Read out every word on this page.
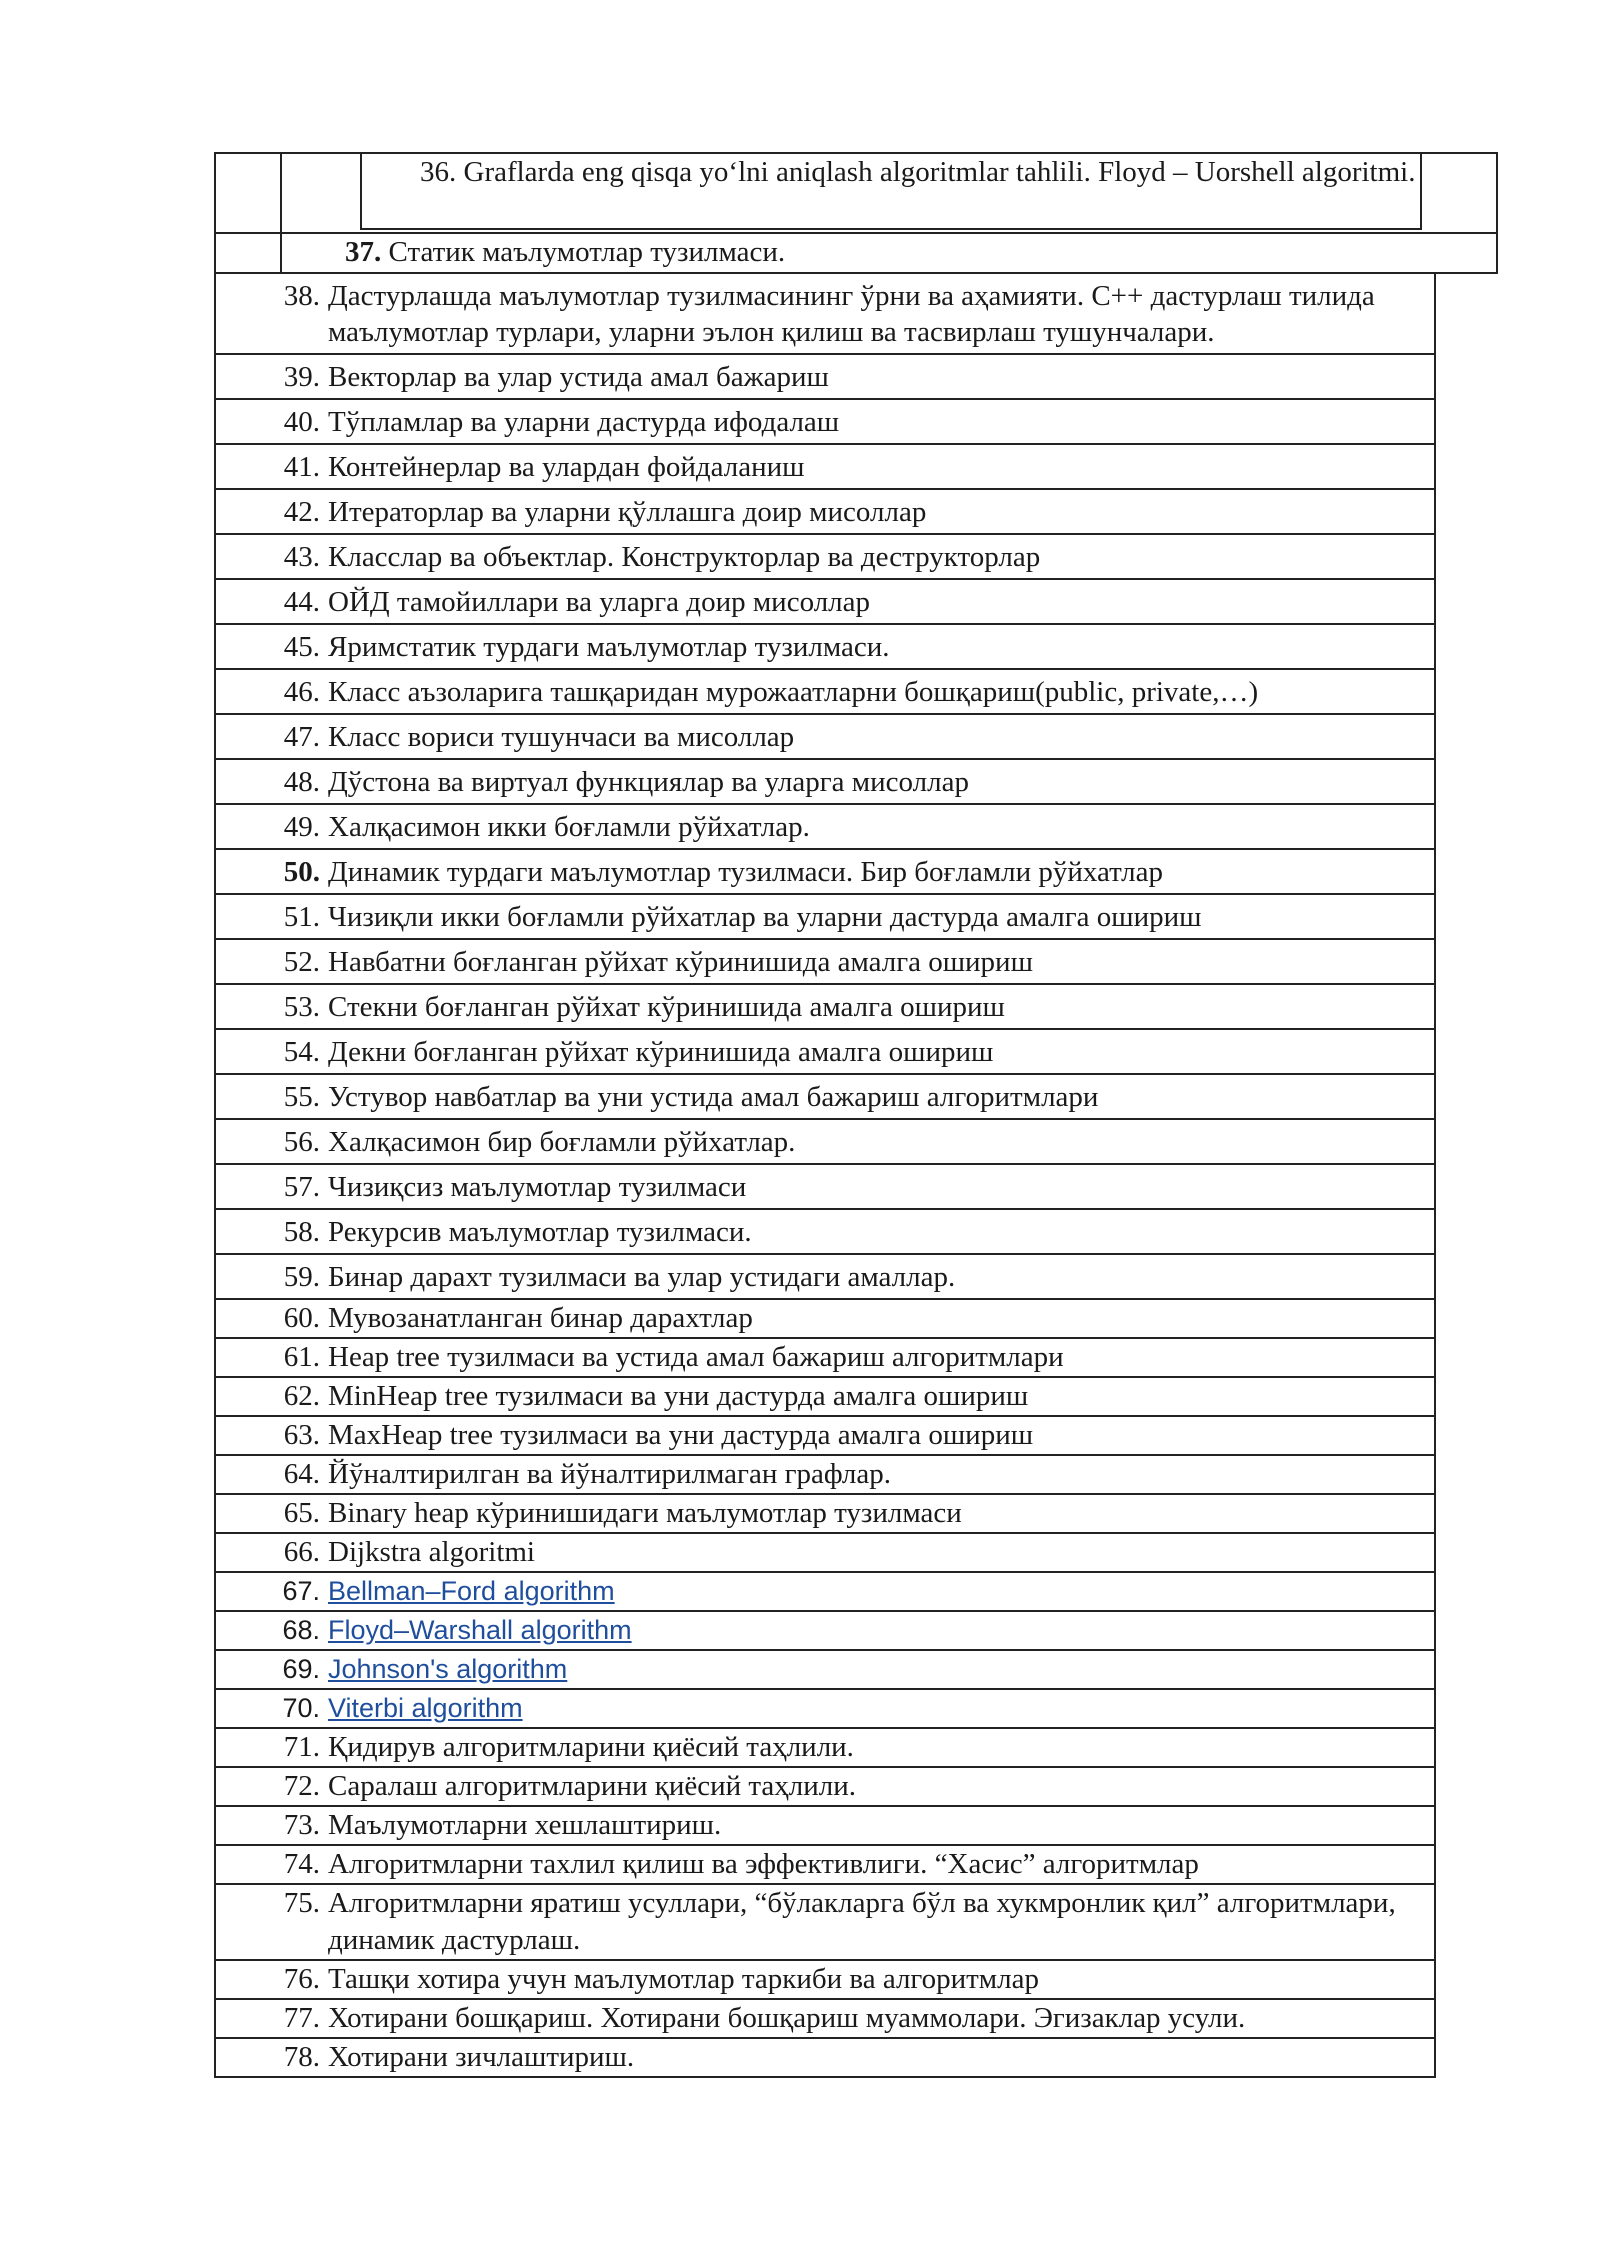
36. Graflarda eng qisqa yo‘lni aniqlash algoritmlar tahlili. Floyd – Uorshell algoritmi.
37. Статик маълумотлар тузилмаси.
38. Дастурлашда маълумотлар тузилмасининг ўрни ва аҳамияти. C++ дастурлаш тилида маълумотлар турлари, уларни эълон қилиш ва тасвирлаш тушунчалари.

39. Векторлар ва улар устида амал бажариш

40. Тўпламлар ва уларни дастурда ифодалаш

41. Контейнерлар ва улардан фойдаланиш

42. Итераторлар ва уларни қўллашга доир мисоллар

43. Класслар ва объектлар. Конструкторлар ва деструкторлар

44. ОЙД тамойиллари ва уларга доир мисоллар

45. Яримстатик турдаги маълумотлар тузилмаси.

46. Класс аъзоларига ташқаридан мурожаатларни бошқариш(public, private,…)

47. Класс вориси тушунчаси ва мисоллар

48. Дўстона ва виртуал функциялар ва уларга мисоллар

49. Халқасимон икки боғламли рўйхатлар.

50. Динамик турдаги маълумотлар тузилмаси. Бир боғламли рўйхатлар

51. Чизиқли икки боғламли рўйхатлар ва уларни дастурда амалга ошириш

52. Навбатни боғланган рўйхат кўринишида амалга ошириш

53. Стекни боғланган рўйхат кўринишида амалга ошириш

54. Декни боғланган рўйхат кўринишида амалга ошириш

55. Устувор навбатлар ва уни устида амал бажариш алгоритмлари

56. Халқасимон бир боғламли рўйхатлар.

57. Чизиқсиз маълумотлар тузилмаси

58. Рекурсив маълумотлар тузилмаси.

59. Бинар дарахт тузилмаси ва улар устидаги амаллар.

60. Мувозанатланган бинар дарахтлар

61. Heap tree тузилмаси ва устида амал бажариш алгоритмлари

62. MinHeap tree тузилмаси ва уни дастурда амалга ошириш

63. MaxHeap tree тузилмаси ва уни дастурда амалга ошириш

64. Йўналтирилган ва йўналтирилмаган графлар.

65. Binary heap кўринишидаги маълумотлар тузилмаси

66. Dijkstra algoritmi

67. Bellman–Ford algorithm

68. Floyd–Warshall algorithm

69. Johnson's algorithm

70. Viterbi algorithm

71. Қидирув алгоритмларини қиёсий таҳлили.

72. Саралаш алгоритмларини қиёсий таҳлили.

73. Маълумотларни хешлаштириш.

74. Алгоритмларни тахлил қилиш ва эффективлиги. “Хасис” алгоритмлар

75. Алгоритмларни яратиш усуллари, “бўлакларга бўл ва хукмронлик қил” алгоритмлари, динамик дастурлаш.

76. Ташқи хотира учун маълумотлар таркиби ва алгоритмлар

77. Хотирани бошқариш. Хотирани бошқариш муаммолари. Эгизаклар усули.

78. Хотирани зичлаштириш.
